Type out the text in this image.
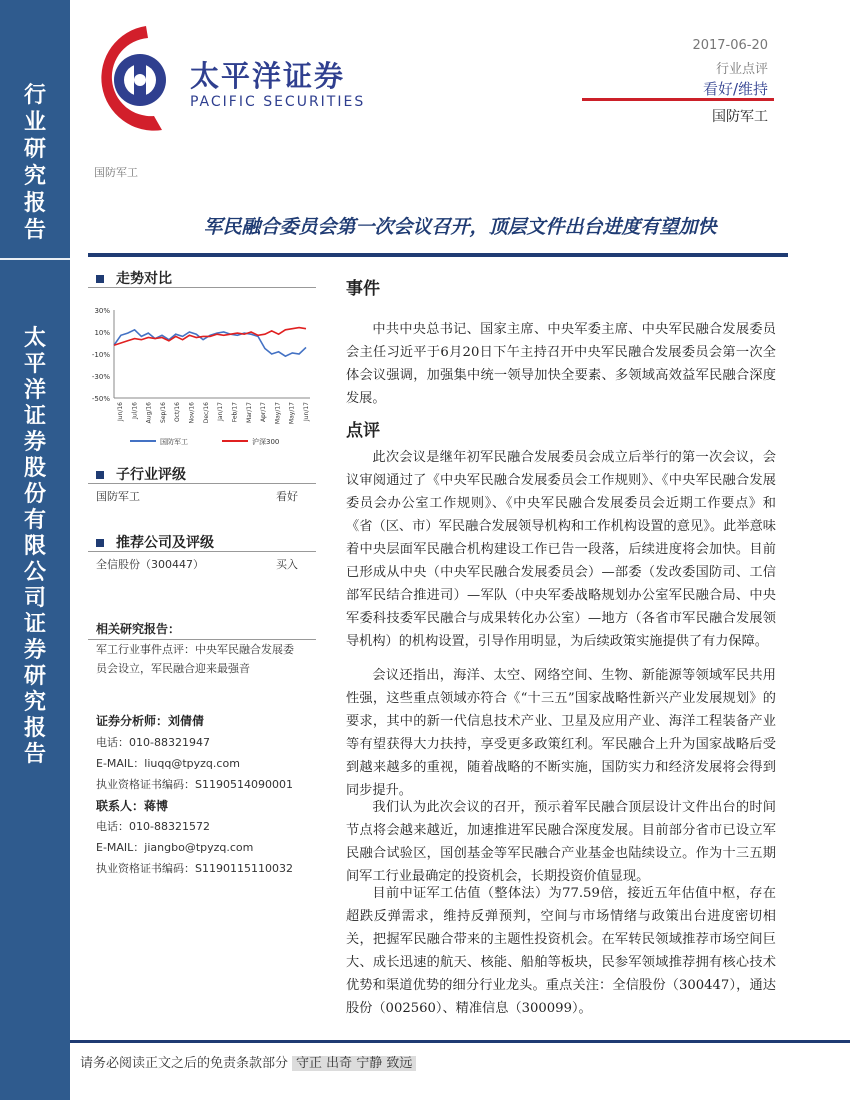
行
业
研
究
报
告
太
平
洋
证
券
股
份
有
限
公
司
证
券
研
究
报
告
太平洋证券
PACIFIC SECURITIES
2017-06-20
行业点评
看好/维持
国防军工
国防军工
军民融合委员会第一次会议召开，顶层文件出台进度有望加快
走势对比
30%
10%
-10%
-30%
-50%
Jun/16 Jul/16 Aug/16 Sep/16 Oct/16 Nov/16 Dec/16 Jan/17 Feb/17 Mar/17 Apr/17 May/17 May/17 Jun/17
国防军工	沪深300
子行业评级
国防军工	看好
推荐公司及评级
全信股份（300447）	买入
相关研究报告：
军工行业事件点评：中央军民融合发展委
员会设立，军民融合迎来最强音
证券分析师：刘倩倩
电话：010-88321947
E-MAIL：liuqq@tpyzq.com
执业资格证书编码：S1190514090001
联系人：蒋博
电话：010-88321572
E-MAIL：jiangbo@tpyzq.com
执业资格证书编码：S1190115110032
事件

中共中央总书记、国家主席、中央军委主席、中央军民融合发展委员会主任习近平于6月20日下午主持召开中央军民融合发展委员会第一次全体会议强调，加强集中统一领导加快全要素、多领域高效益军民融合深度发展。

点评

此次会议是继年初军民融合发展委员会成立后举行的第一次会议，会议审阅通过了《中央军民融合发展委员会工作规则》、《中央军民融合发展委员会办公室工作规则》、《中央军民融合发展委员会近期工作要点》和《省（区、市）军民融合发展领导机构和工作机构设置的意见》。此举意味着中央层面军民融合机构建设工作已告一段落，后续进度将会加快。目前已形成从中央（中央军民融合发展委员会）—部委（发改委国防司、工信部军民结合推进司）—军队（中央军委战略规划办公室军民融合局、中央军委科技委军民融合与成果转化办公室）—地方（各省市军民融合发展领导机构）的机构设置，引导作用明显，为后续政策实施提供了有力保障。

会议还指出，海洋、太空、网络空间、生物、新能源等领域军民共用性强，这些重点领域亦符合《“十三五”国家战略性新兴产业发展规划》的要求，其中的新一代信息技术产业、卫星及应用产业、海洋工程装备产业等有望获得大力扶持，享受更多政策红利。军民融合上升为国家战略后受到越来越多的重视，随着战略的不断实施，国防实力和经济发展将会得到同步提升。

我们认为此次会议的召开，预示着军民融合顶层设计文件出台的时间节点将会越来越近，加速推进军民融合深度发展。目前部分省市已设立军民融合试验区，国创基金等军民融合产业基金也陆续设立。作为十三五期间军工行业最确定的投资机会，长期投资价值显现。

目前中证军工估值（整体法）为77.59倍，接近五年估值中枢，存在超跌反弹需求，维持反弹预判，空间与市场情绪与政策出台进度密切相关，把握军民融合带来的主题性投资机会。在军转民领域推荐市场空间巨大、成长迅速的航天、核能、船舶等板块，民参军领域推荐拥有核心技术优势和渠道优势的细分行业龙头。重点关注：全信股份（300447），通达股份（002560）、精准信息（300099）。

请务必阅读正文之后的免责条款部分 守正 出奇 宁静 致远
